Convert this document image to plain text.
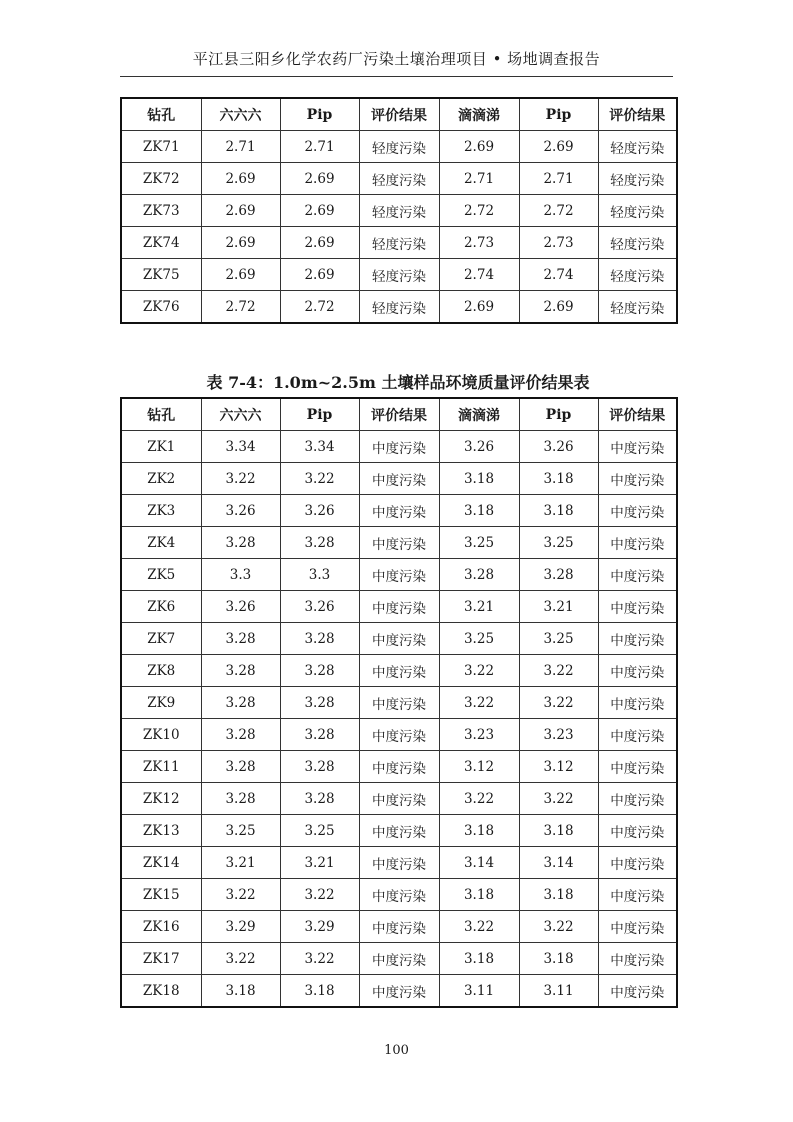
平江县三阳乡化学农药厂污染土壤治理项目 • 场地调查报告
钻孔	六六六	Pip	评价结果	滴滴涕	Pip	评价结果
ZK71	2.71	2.71	轻度污染	2.69	2.69	轻度污染
ZK72	2.69	2.69	轻度污染	2.71	2.71	轻度污染
ZK73	2.69	2.69	轻度污染	2.72	2.72	轻度污染
ZK74	2.69	2.69	轻度污染	2.73	2.73	轻度污染
ZK75	2.69	2.69	轻度污染	2.74	2.74	轻度污染
ZK76	2.72	2.72	轻度污染	2.69	2.69	轻度污染
表 7-4：1.0m~2.5m 土壤样品环境质量评价结果表
钻孔	六六六	Pip	评价结果	滴滴涕	Pip	评价结果
ZK1	3.34	3.34	中度污染	3.26	3.26	中度污染
ZK2	3.22	3.22	中度污染	3.18	3.18	中度污染
ZK3	3.26	3.26	中度污染	3.18	3.18	中度污染
ZK4	3.28	3.28	中度污染	3.25	3.25	中度污染
ZK5	3.3	3.3	中度污染	3.28	3.28	中度污染
ZK6	3.26	3.26	中度污染	3.21	3.21	中度污染
ZK7	3.28	3.28	中度污染	3.25	3.25	中度污染
ZK8	3.28	3.28	中度污染	3.22	3.22	中度污染
ZK9	3.28	3.28	中度污染	3.22	3.22	中度污染
ZK10	3.28	3.28	中度污染	3.23	3.23	中度污染
ZK11	3.28	3.28	中度污染	3.12	3.12	中度污染
ZK12	3.28	3.28	中度污染	3.22	3.22	中度污染
ZK13	3.25	3.25	中度污染	3.18	3.18	中度污染
ZK14	3.21	3.21	中度污染	3.14	3.14	中度污染
ZK15	3.22	3.22	中度污染	3.18	3.18	中度污染
ZK16	3.29	3.29	中度污染	3.22	3.22	中度污染
ZK17	3.22	3.22	中度污染	3.18	3.18	中度污染
ZK18	3.18	3.18	中度污染	3.11	3.11	中度污染
100
